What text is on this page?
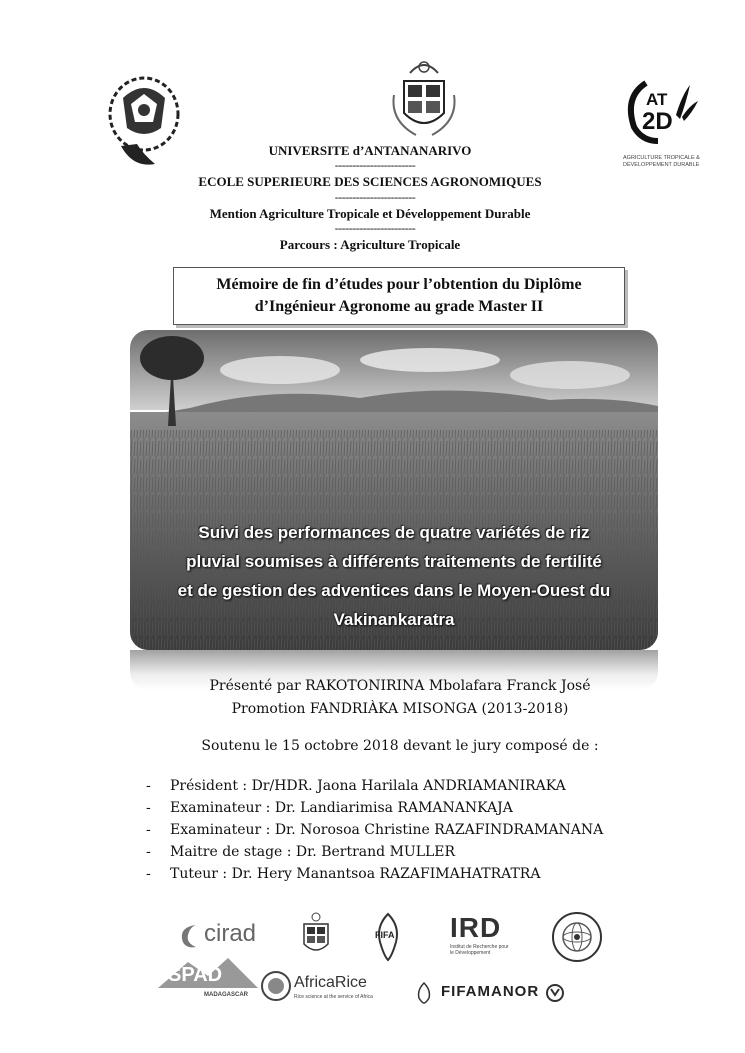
AT
2D
AGRICULTURE TROPICALE &
DÉVELOPPEMENT DURABLE
UNIVERSITE d’ANTANANARIVO
-----------------------
ECOLE SUPERIEURE DES SCIENCES AGRONOMIQUES
-----------------------
Mention Agriculture Tropicale et Développement Durable
-----------------------
Parcours : Agriculture Tropicale
Mémoire de fin d’études pour l’obtention du Diplôme
d’Ingénieur Agronome au grade Master II
Suivi des performances de quatre variétés de riz
pluvial soumises à différents traitements de fertilité
et de gestion des adventices dans le Moyen-Ouest du
Vakinankaratra
Présenté par RAKOTONIRINA Mbolafara Franck José
Promotion FANDRIÀKA MISONGA (2013-2018)
Soutenu le 15 octobre 2018 devant le jury composé de :
-	Président : Dr/HDR. Jaona Harilala ANDRIAMANIRAKA
-	Examinateur : Dr. Landiarimisa RAMANANKAJA
-	Examinateur : Dr. Norosoa Christine RAZAFINDRAMANANA
-	Maitre de stage : Dr. Bertrand MULLER
-	Tuteur : Dr. Hery Manantsoa RAZAFIMAHATRATRA
cirad	FIFA IRD
Institut de Recherche pour le Développement
SPAD
MADAGASCAR
AfricaRice
Rice science at the service of Africa	FIFAMANOR
